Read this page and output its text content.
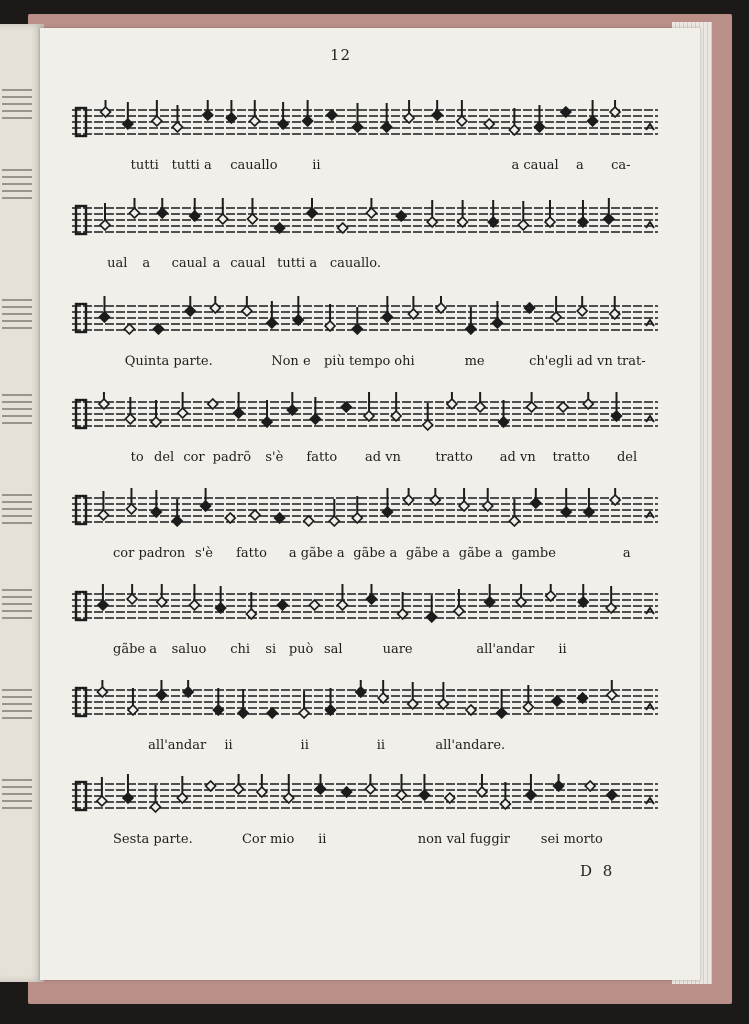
12
tutti tutti a cauallo	ii	a caual a ca-
ual a caual a caual tutti a cauallo.
Quinta parte.	Non e più tempo ohi	me	ch'egli ad vn trat-
to del cor padrõ s'è fatto ad vn	tratto ad vn tratto del
cor padron s'è fatto a gãbe a gãbe a gãbe a gãbe a gambe	a
gãbe a saluo chi si può sal	uare	all'andar ii
all'andar ii	ii	ii	all'andare.
Sesta parte.	Cor mio ii	non val fuggir sei morto
D 8
